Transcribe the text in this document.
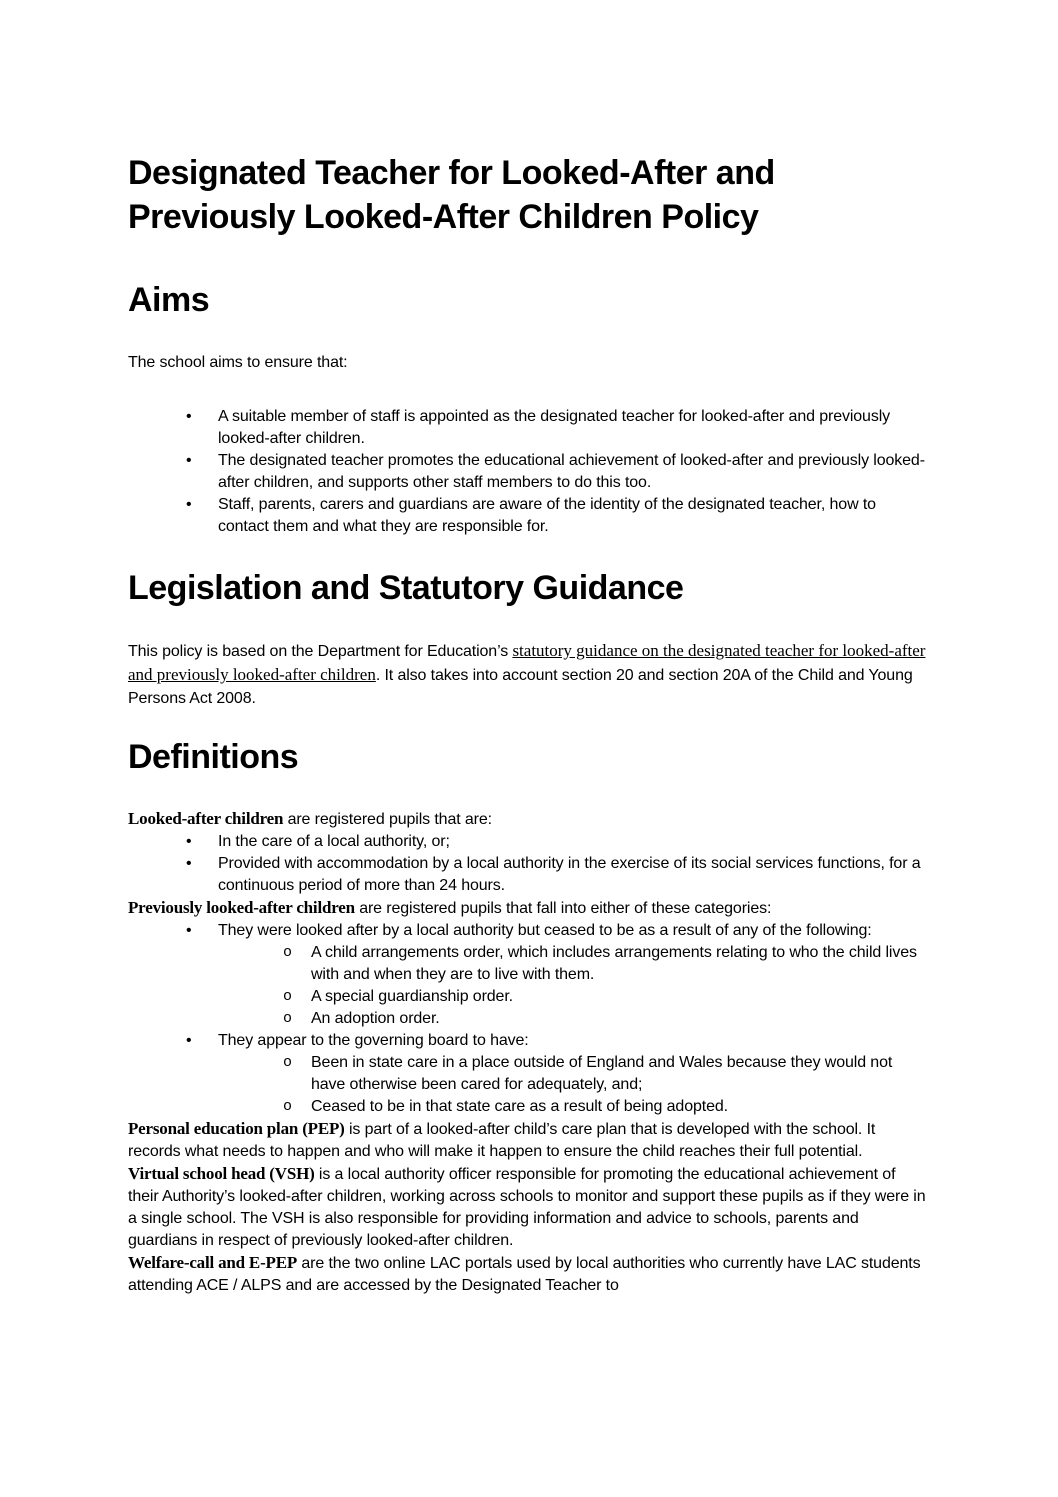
Designated Teacher for Looked-After and Previously Looked-After Children Policy
Aims

The school aims to ensure that:

•	A suitable member of staff is appointed as the designated teacher for looked-after and previously looked-after children.
•	The designated teacher promotes the educational achievement of looked-after and previously looked-after children, and supports other staff members to do this too.
•	Staff, parents, carers and guardians are aware of the identity of the designated teacher, how to contact them and what they are responsible for.
Legislation and Statutory Guidance

This policy is based on the Department for Education’s statutory guidance on the designated teacher for looked-after and previously looked-after children. It also takes into account section 20 and section 20A of the Child and Young Persons Act 2008.

Definitions

Looked-after children are registered pupils that are:

•	In the care of a local authority, or;
•	Provided with accommodation by a local authority in the exercise of its social services functions, for a continuous period of more than 24 hours.

Previously looked-after children are registered pupils that fall into either of these categories:

•	They were looked after by a local authority but ceased to be as a result of any of the following:
o	A child arrangements order, which includes arrangements relating to who the child lives with and when they are to live with them.
o	A special guardianship order.
o	An adoption order.
•	They appear to the governing board to have:
o	Been in state care in a place outside of England and Wales because they would not have otherwise been cared for adequately, and;
o	Ceased to be in that state care as a result of being adopted.

Personal education plan (PEP) is part of a looked-after child’s care plan that is developed with the school. It records what needs to happen and who will make it happen to ensure the child reaches their full potential.

Virtual school head (VSH) is a local authority officer responsible for promoting the educational achievement of their Authority’s looked-after children, working across schools to monitor and support these pupils as if they were in a single school. The VSH is also responsible for providing information and advice to schools, parents and guardians in respect of previously looked-after children.

Welfare-call and E-PEP are the two online LAC portals used by local authorities who currently have LAC students attending ACE / ALPS and are accessed by the Designated Teacher to
